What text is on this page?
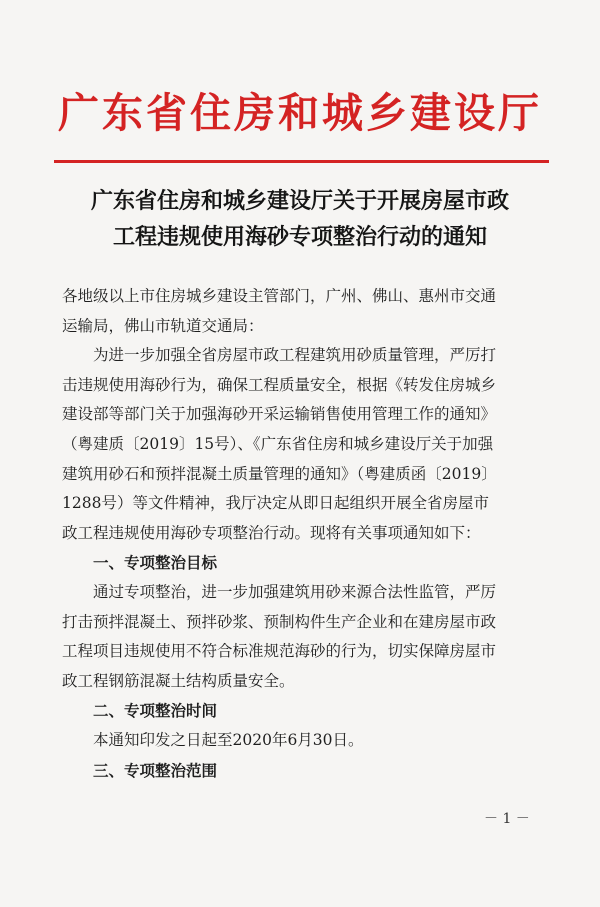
广东省住房和城乡建设厅
广东省住房和城乡建设厅关于开展房屋市政
工程违规使用海砂专项整治行动的通知
各地级以上市住房城乡建设主管部门，广州、佛山、惠州市交通
运输局，佛山市轨道交通局：
为进一步加强全省房屋市政工程建筑用砂质量管理，严厉打
击违规使用海砂行为，确保工程质量安全，根据《转发住房城乡
建设部等部门关于加强海砂开采运输销售使用管理工作的通知》
（粤建质〔2019〕15号）、《广东省住房和城乡建设厅关于加强
建筑用砂石和预拌混凝土质量管理的通知》（粤建质函〔2019〕
1288号）等文件精神，我厅决定从即日起组织开展全省房屋市
政工程违规使用海砂专项整治行动。现将有关事项通知如下：
一、专项整治目标
通过专项整治，进一步加强建筑用砂来源合法性监管，严厉
打击预拌混凝土、预拌砂浆、预制构件生产企业和在建房屋市政
工程项目违规使用不符合标准规范海砂的行为，切实保障房屋市
政工程钢筋混凝土结构质量安全。
二、专项整治时间
本通知印发之日起至2020年6月30日。
三、专项整治范围
－ 1 －
